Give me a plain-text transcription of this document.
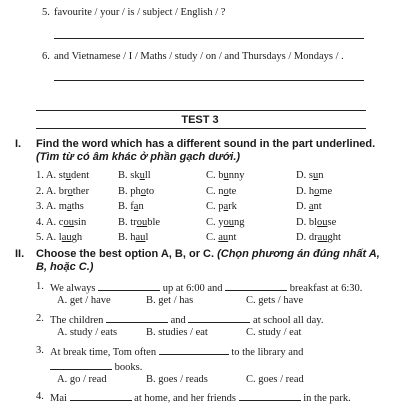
5. favourite / your / is / subject / English / ?
6. and Vietnamese / I / Maths / study / on / and Thursdays / Mondays / .
TEST 3
I. Find the word which has a different sound in the part underlined. (Tìm từ có âm khác ở phần gạch dưới.)
1. A. student	B. skull	C. bunny	D. sun
2. A. brother	B. photo	C. note	D. home
3. A. maths	B. fan	C. park	D. ant
4. A. cousin	B. trouble	C. young	D. blouse
5. A. laugh	B. haul	C. aunt	D. draught
II. Choose the best option A, B, or C. (Chọn phương án đúng nhất A, B, hoặc C.)
1. We always	up at 6:00 and	breakfast at 6:30.
A. get / have	B. get / has	C. gets / have
2. The children	and	at school all day.
A. study / eats	B. studies / eat	C. study / eat
3. At break time, Tom often	to the library and
books.
A. go / read	B. goes / reads	C. goes / read
4. Mai	at home, and her friends	in the park.
